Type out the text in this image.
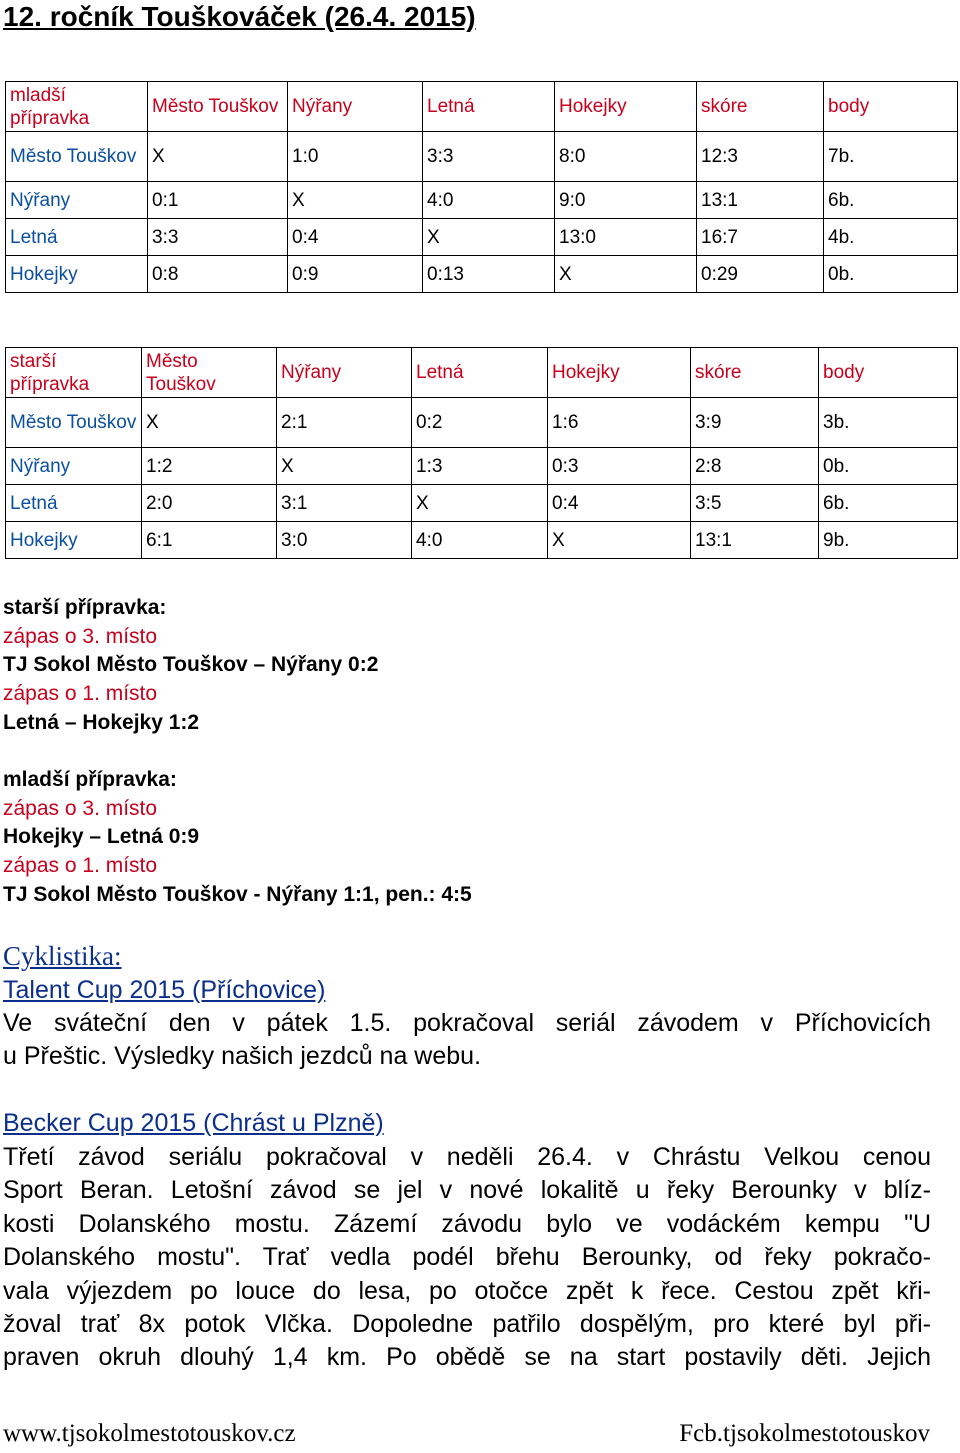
12. ročník Touškováček (26.4. 2015)
mladší přípravka	Město Touškov	Nýřany	Letná	Hokejky	skóre	body
Město Touškov	X	1:0	3:3	8:0	12:3	7b.
Nýřany	0:1	X	4:0	9:0	13:1	6b.
Letná	3:3	0:4	X	13:0	16:7	4b.
Hokejky	0:8	0:9	0:13	X	0:29	0b.
starší přípravka	Město Touškov	Nýřany	Letná	Hokejky	skóre	body
Město Touškov	X	2:1	0:2	1:6	3:9	3b.
Nýřany	1:2	X	1:3	0:3	2:8	0b.
Letná	2:0	3:1	X	0:4	3:5	6b.
Hokejky	6:1	3:0	4:0	X	13:1	9b.
starší přípravka:
zápas o 3. místo
TJ Sokol Město Touškov – Nýřany 0:2
zápas o 1. místo
Letná – Hokejky 1:2
mladší přípravka:
zápas o 3. místo
Hokejky – Letná 0:9
zápas o 1. místo
TJ Sokol Město Touškov - Nýřany 1:1, pen.: 4:5
Cyklistika:
Talent Cup 2015 (Příchovice)
Ve sváteční den v pátek 1.5. pokračoval seriál závodem v Příchovicích
u Přeštic. Výsledky našich jezdců na webu.
Becker Cup 2015 (Chrást u Plzně)
Třetí závod seriálu pokračoval v neděli 26.4. v Chrástu Velkou cenou
Sport Beran. Letošní závod se jel v nové lokalitě u řeky Berounky v blíz-
kosti Dolanského mostu. Zázemí závodu bylo ve vodáckém kempu "U
Dolanského mostu". Trať vedla podél břehu Berounky, od řeky pokračo-
vala výjezdem po louce do lesa, po otočce zpět k řece. Cestou zpět kři-
žoval trať 8x potok Vlčka. Dopoledne patřilo dospělým, pro které byl při-
praven okruh dlouhý 1,4 km. Po obědě se na start postavily děti. Jejich
www.tjsokolmestotouskov.cz	Fcb.tjsokolmestotouskov
